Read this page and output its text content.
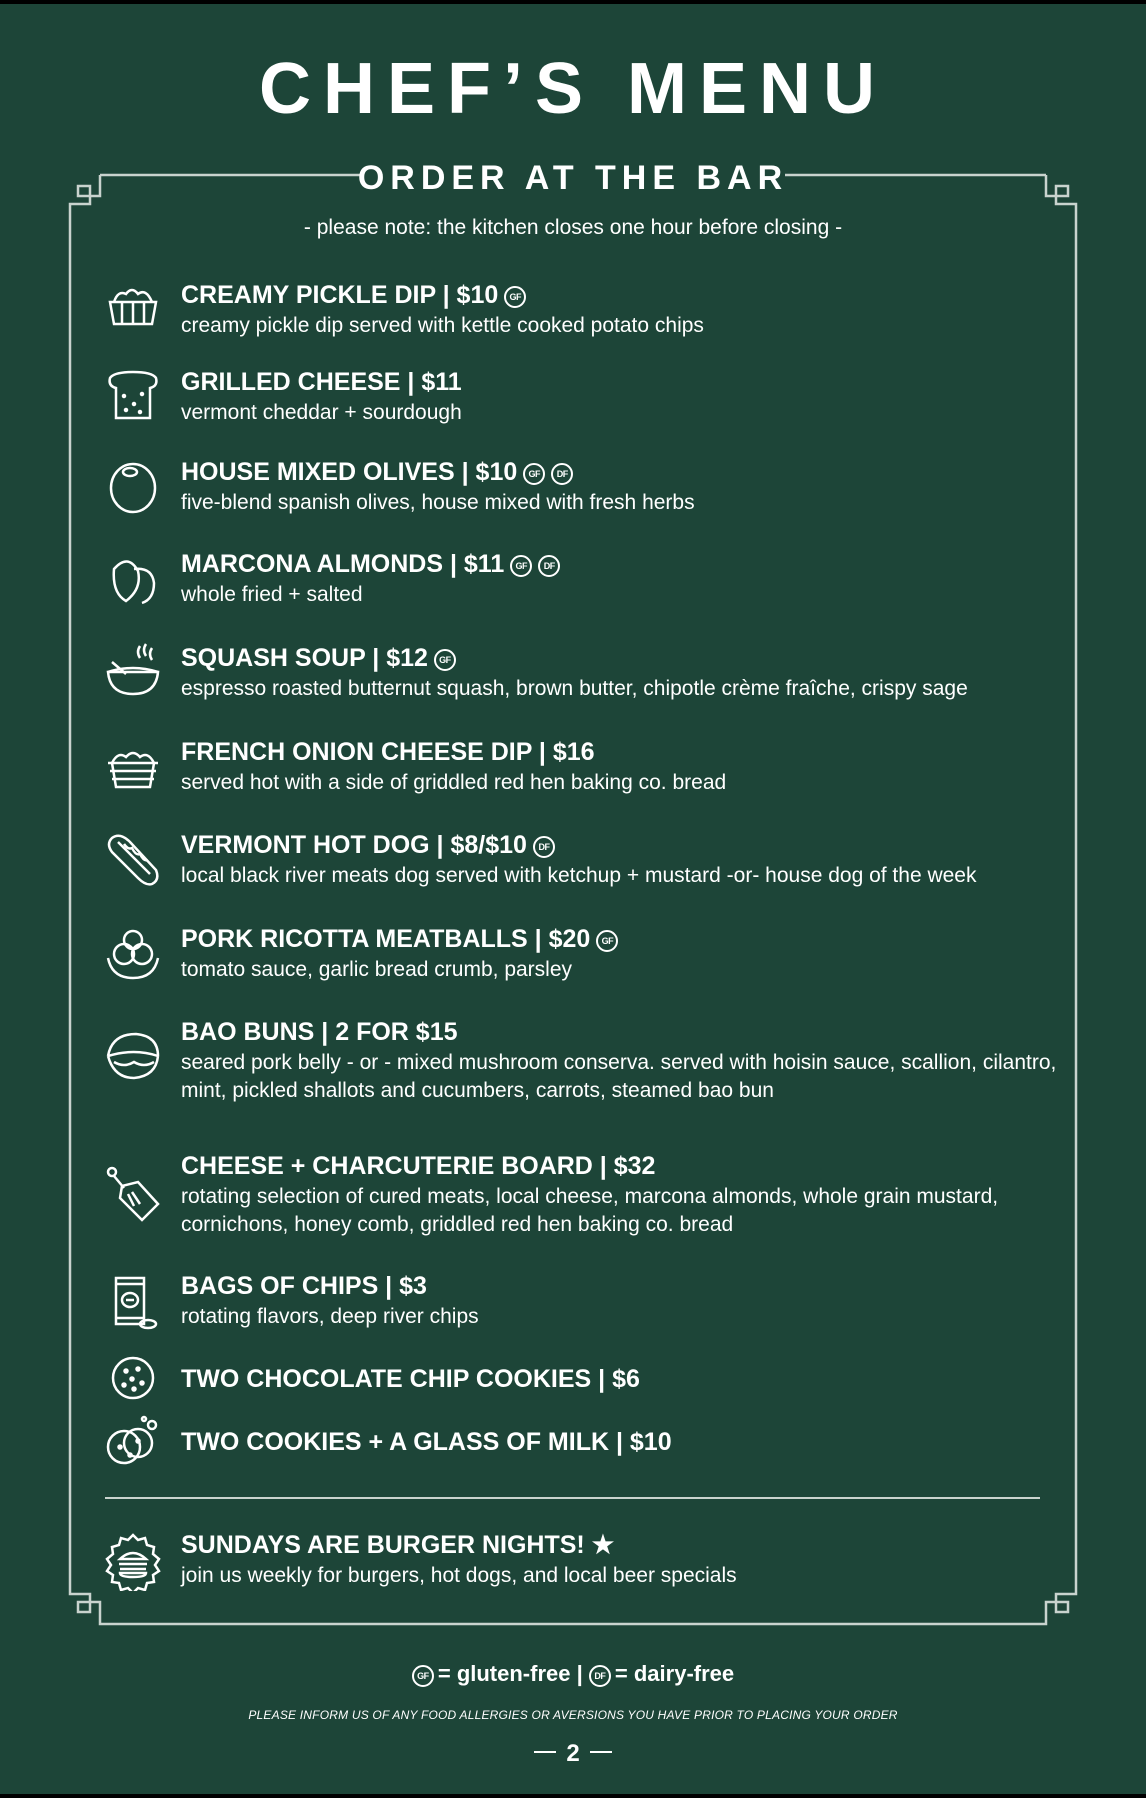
CHEF’S MENU
ORDER AT THE BAR
- please note: the kitchen closes one hour before closing -
CREAMY PICKLE DIP | $10 GF
creamy pickle dip served with kettle cooked potato chips
GRILLED CHEESE | $11
vermont cheddar + sourdough
HOUSE MIXED OLIVES | $10 GF DF
five-blend spanish olives, house mixed with fresh herbs
MARCONA ALMONDS | $11 GF DF
whole fried + salted
SQUASH SOUP | $12 GF
espresso roasted butternut squash, brown butter, chipotle crème fraîche, crispy sage
FRENCH ONION CHEESE DIP | $16
served hot with a side of griddled red hen baking co. bread
VERMONT HOT DOG | $8/$10 DF
local black river meats dog served with ketchup + mustard -or- house dog of the week
PORK RICOTTA MEATBALLS | $20 GF
tomato sauce, garlic bread crumb, parsley
BAO BUNS | 2 FOR $15
seared pork belly - or - mixed mushroom conserva. served with hoisin sauce, scallion, cilantro, mint, pickled shallots and cucumbers, carrots, steamed bao bun
CHEESE + CHARCUTERIE BOARD | $32
rotating selection of cured meats, local cheese, marcona almonds, whole grain mustard, cornichons, honey comb, griddled red hen baking co. bread
BAGS OF CHIPS | $3
rotating flavors, deep river chips
TWO CHOCOLATE CHIP COOKIES | $6
TWO COOKIES + A GLASS OF MILK | $10
SUNDAYS ARE BURGER NIGHTS! ★
join us weekly for burgers, hot dogs, and local beer specials
GF = gluten-free | DF = dairy-free
PLEASE INFORM US OF ANY FOOD ALLERGIES OR AVERSIONS YOU HAVE PRIOR TO PLACING YOUR ORDER
2
